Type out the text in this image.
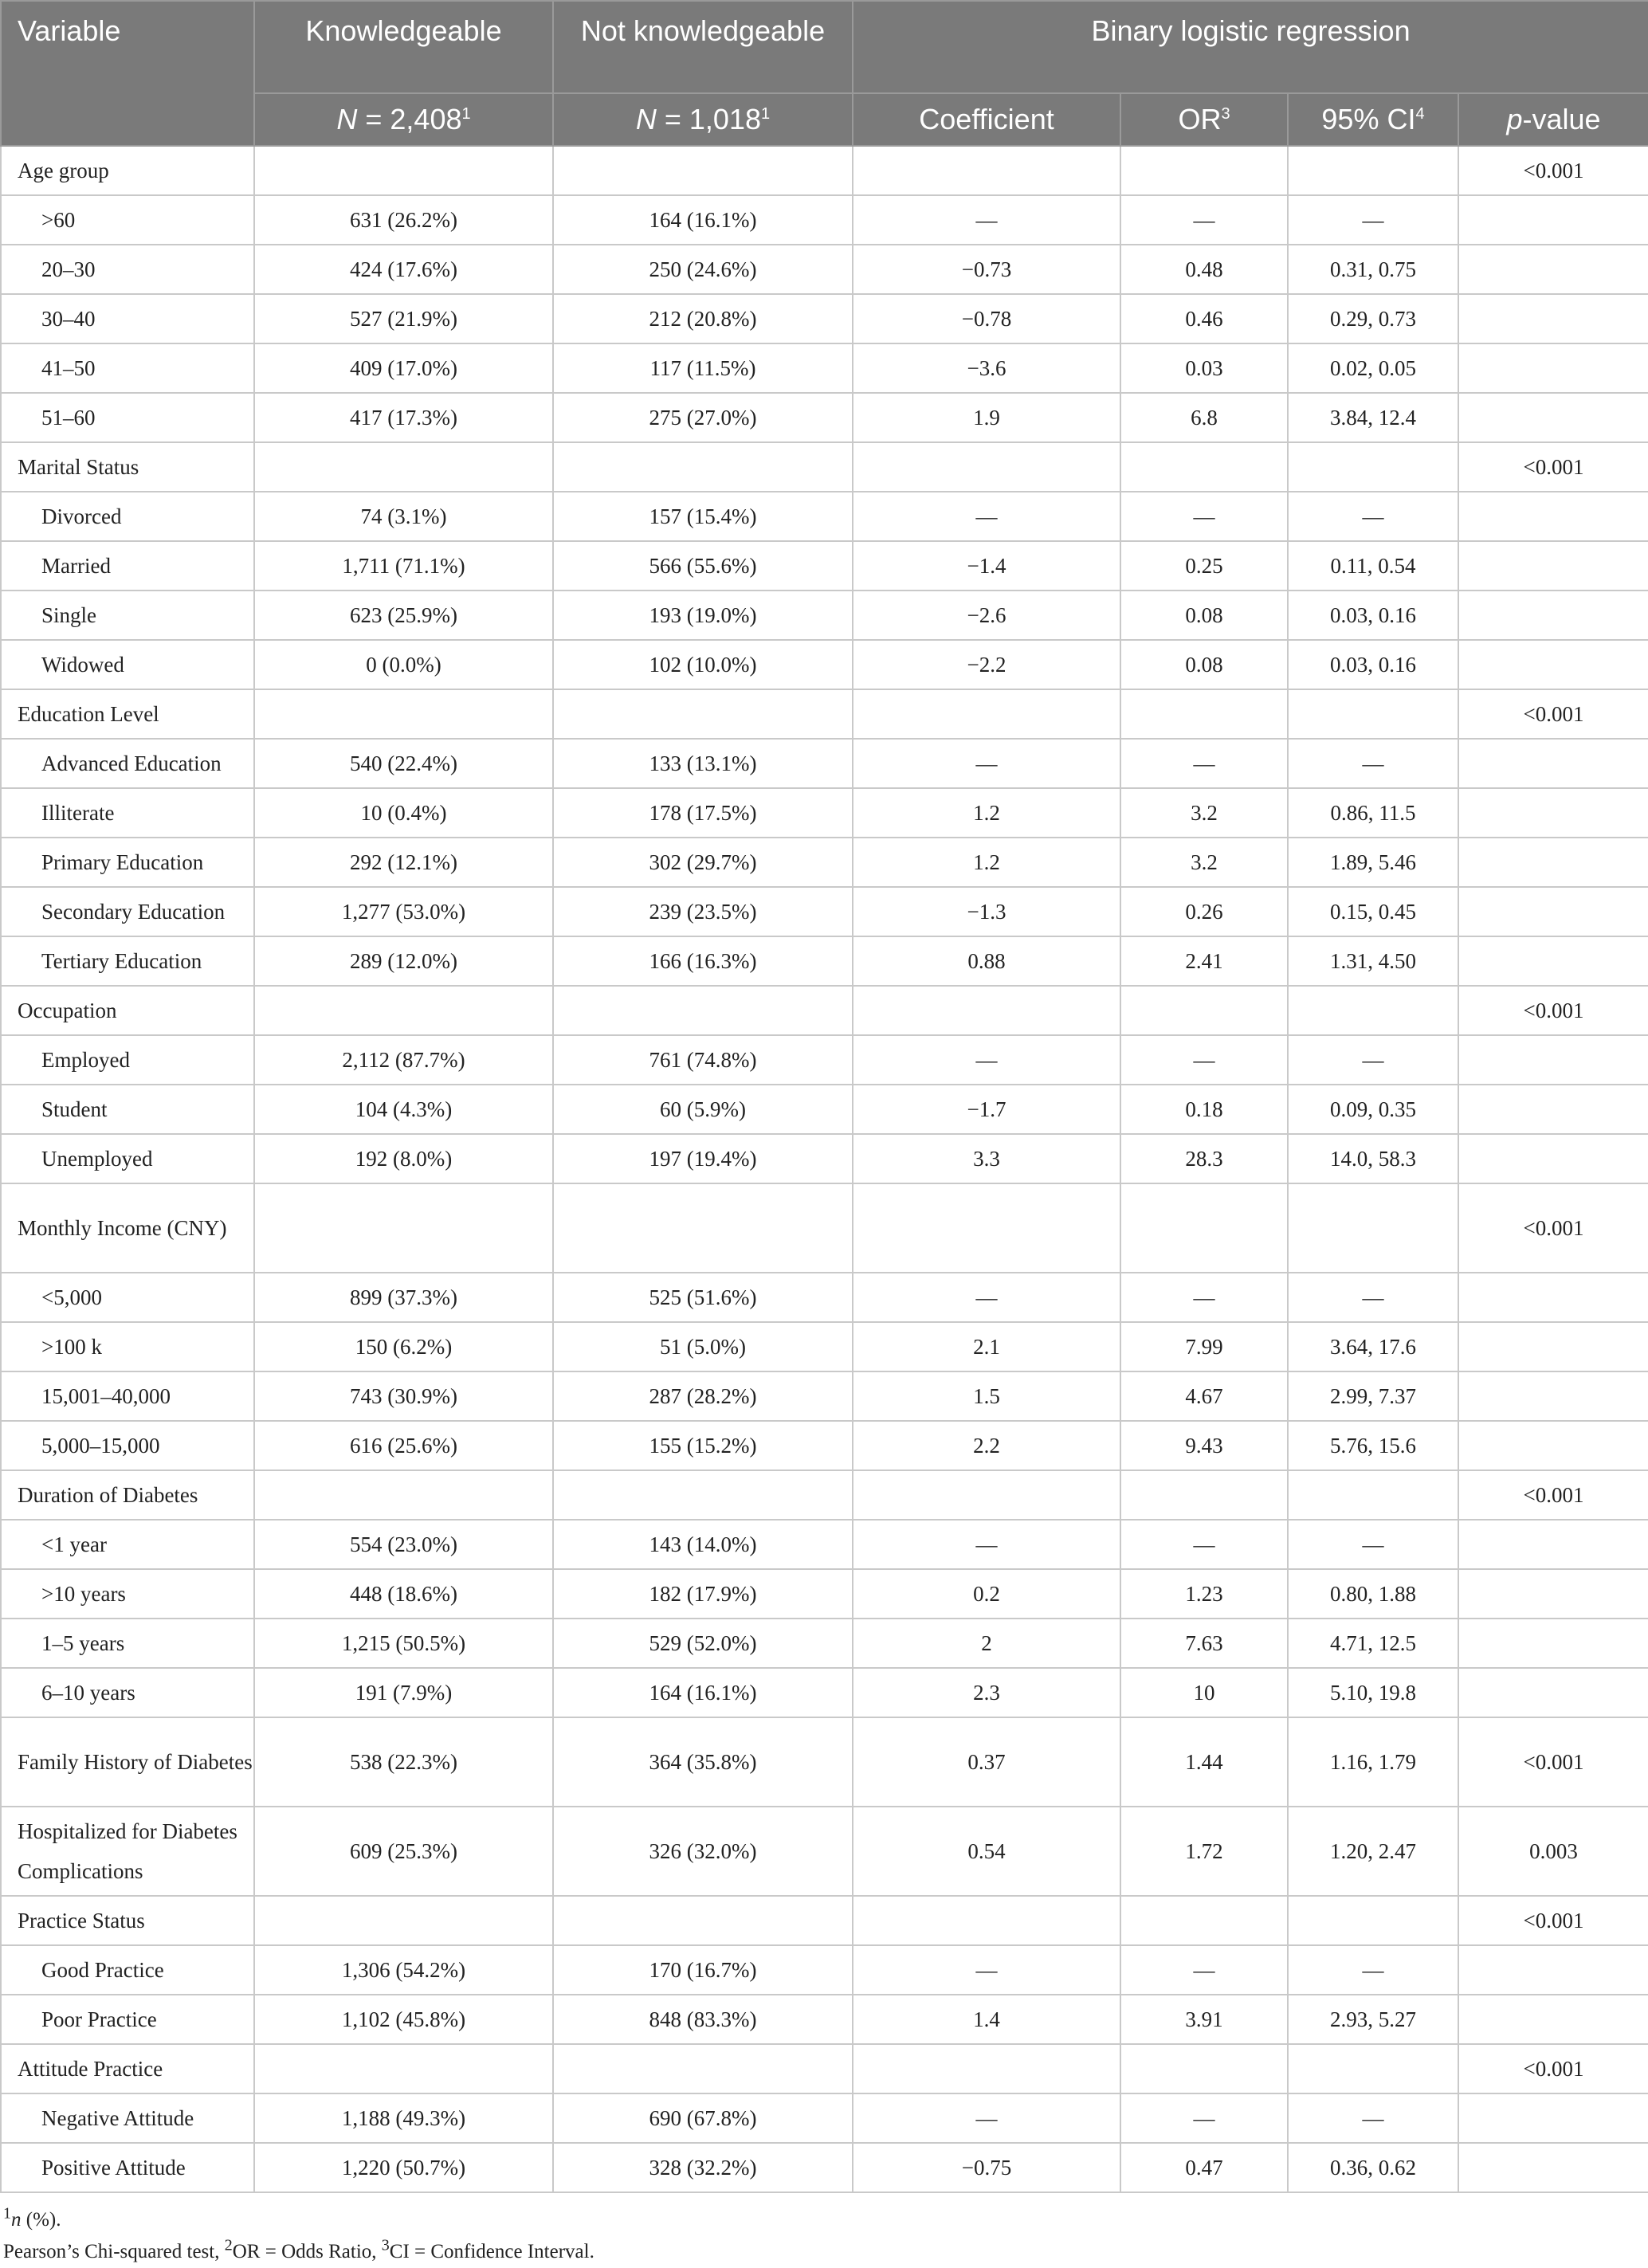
Variable	Knowledgeable	Not knowledgeable	Binary logistic regression			
	$N = 2,408^1$	$N = 1,018^1$	Coefficient	$OR^3$	95% $CI^4$	p-value
Age group						<0.001
>60	631 (26.2%)	164 (16.1%)	—	—	—	
20–30	424 (17.6%)	250 (24.6%)	−0.73	0.48	0.31, 0.75	
30–40	527 (21.9%)	212 (20.8%)	−0.78	0.46	0.29, 0.73	
41–50	409 (17.0%)	117 (11.5%)	−3.6	0.03	0.02, 0.05	
51–60	417 (17.3%)	275 (27.0%)	1.9	6.8	3.84, 12.4	
Marital Status						<0.001
Divorced	74 (3.1%)	157 (15.4%)	—	—	—	
Married	1,711 (71.1%)	566 (55.6%)	−1.4	0.25	0.11, 0.54	
Single	623 (25.9%)	193 (19.0%)	−2.6	0.08	0.03, 0.16	
Widowed	0 (0.0%)	102 (10.0%)	−2.2	0.08	0.03, 0.16	
Education Level						<0.001
Advanced Education	540 (22.4%)	133 (13.1%)	—	—	—	
Illiterate	10 (0.4%)	178 (17.5%)	1.2	3.2	0.86, 11.5	
Primary Education	292 (12.1%)	302 (29.7%)	1.2	3.2	1.89, 5.46	
Secondary Education	1,277 (53.0%)	239 (23.5%)	−1.3	0.26	0.15, 0.45	
Tertiary Education	289 (12.0%)	166 (16.3%)	0.88	2.41	1.31, 4.50	
Occupation						<0.001
Employed	2,112 (87.7%)	761 (74.8%)	—	—	—	
Student	104 (4.3%)	60 (5.9%)	−1.7	0.18	0.09, 0.35	
Unemployed	192 (8.0%)	197 (19.4%)	3.3	28.3	14.0, 58.3	
Monthly Income (CNY)						<0.001
<5,000	899 (37.3%)	525 (51.6%)	—	—	—	
>100 k	150 (6.2%)	51 (5.0%)	2.1	7.99	3.64, 17.6	
15,001–40,000	743 (30.9%)	287 (28.2%)	1.5	4.67	2.99, 7.37	
5,000–15,000	616 (25.6%)	155 (15.2%)	2.2	9.43	5.76, 15.6	
Duration of Diabetes						<0.001
<1 year	554 (23.0%)	143 (14.0%)	—	—	—	
>10 years	448 (18.6%)	182 (17.9%)	0.2	1.23	0.80, 1.88	
1–5 years	1,215 (50.5%)	529 (52.0%)	2	7.63	4.71, 12.5	
6–10 years	191 (7.9%)	164 (16.1%)	2.3	10	5.10, 19.8	
Family History of Diabetes	538 (22.3%)	364 (35.8%)	0.37	1.44	1.16, 1.79	<0.001
Hospitalized for Diabetes Complications	609 (25.3%)	326 (32.0%)	0.54	1.72	1.20, 2.47	0.003
Practice Status						<0.001
Good Practice	1,306 (54.2%)	170 (16.7%)	—	—	—	
Poor Practice	1,102 (45.8%)	848 (83.3%)	1.4	3.91	2.93, 5.27	
Attitude Practice						<0.001
Negative Attitude	1,188 (49.3%)	690 (67.8%)	—	—	—	
Positive Attitude	1,220 (50.7%)	328 (32.2%)	−0.75	0.47	0.36, 0.62	
$^1$n (%).
Pearson’s Chi-squared test, $^2$OR = Odds Ratio, $^3$CI = Confidence Interval.
